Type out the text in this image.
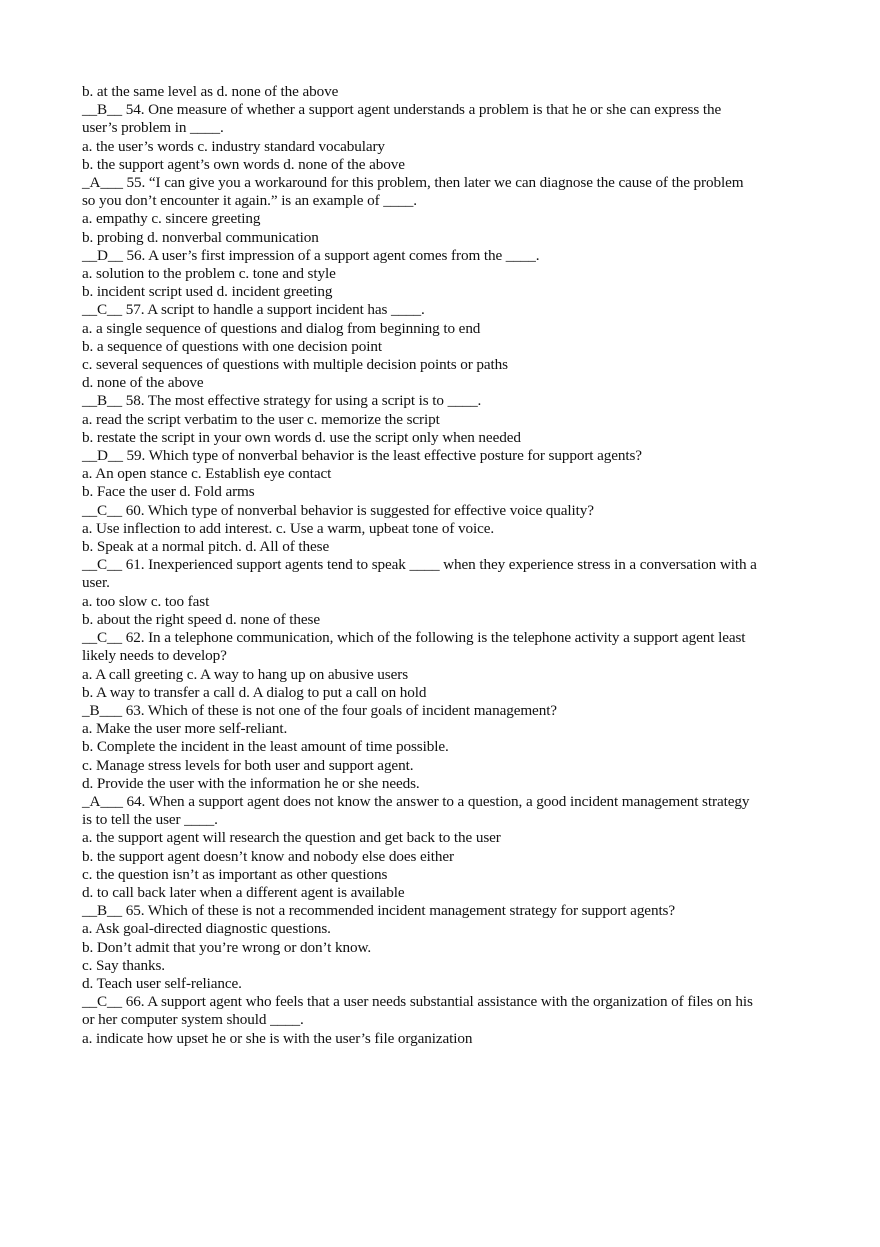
b. at the same level as d. none of the above
__B__ 54. One measure of whether a support agent understands a problem is that he or she can express the
user’s problem in ____.
a. the user’s words c. industry standard vocabulary
b. the support agent’s own words d. none of the above
_A___ 55. “I can give you a workaround for this problem, then later we can diagnose the cause of the problem
so you don’t encounter it again.” is an example of ____.
a. empathy c. sincere greeting
b. probing d. nonverbal communication
__D__ 56. A user’s first impression of a support agent comes from the ____.
a. solution to the problem c. tone and style
b. incident script used d. incident greeting
__C__ 57. A script to handle a support incident has ____.
a. a single sequence of questions and dialog from beginning to end
b. a sequence of questions with one decision point
c. several sequences of questions with multiple decision points or paths
d. none of the above
__B__ 58. The most effective strategy for using a script is to ____.
a. read the script verbatim to the user c. memorize the script
b. restate the script in your own words d. use the script only when needed
__D__ 59. Which type of nonverbal behavior is the least effective posture for support agents?
a. An open stance c. Establish eye contact
b. Face the user d. Fold arms
__C__ 60. Which type of nonverbal behavior is suggested for effective voice quality?
a. Use inflection to add interest. c. Use a warm, upbeat tone of voice.
b. Speak at a normal pitch. d. All of these
__C__ 61. Inexperienced support agents tend to speak ____ when they experience stress in a conversation with a
user.
a. too slow c. too fast
b. about the right speed d. none of these
__C__ 62. In a telephone communication, which of the following is the telephone activity a support agent least
likely needs to develop?
a. A call greeting c. A way to hang up on abusive users
b. A way to transfer a call d. A dialog to put a call on hold
_B___ 63. Which of these is not one of the four goals of incident management?
a. Make the user more self-reliant.
b. Complete the incident in the least amount of time possible.
c. Manage stress levels for both user and support agent.
d. Provide the user with the information he or she needs.
_A___ 64. When a support agent does not know the answer to a question, a good incident management strategy
is to tell the user ____.
a. the support agent will research the question and get back to the user
b. the support agent doesn’t know and nobody else does either
c. the question isn’t as important as other questions
d. to call back later when a different agent is available
__B__ 65. Which of these is not a recommended incident management strategy for support agents?
a. Ask goal-directed diagnostic questions.
b. Don’t admit that you’re wrong or don’t know.
c. Say thanks.
d. Teach user self-reliance.
__C__ 66. A support agent who feels that a user needs substantial assistance with the organization of files on his
or her computer system should ____.
a. indicate how upset he or she is with the user’s file organization
